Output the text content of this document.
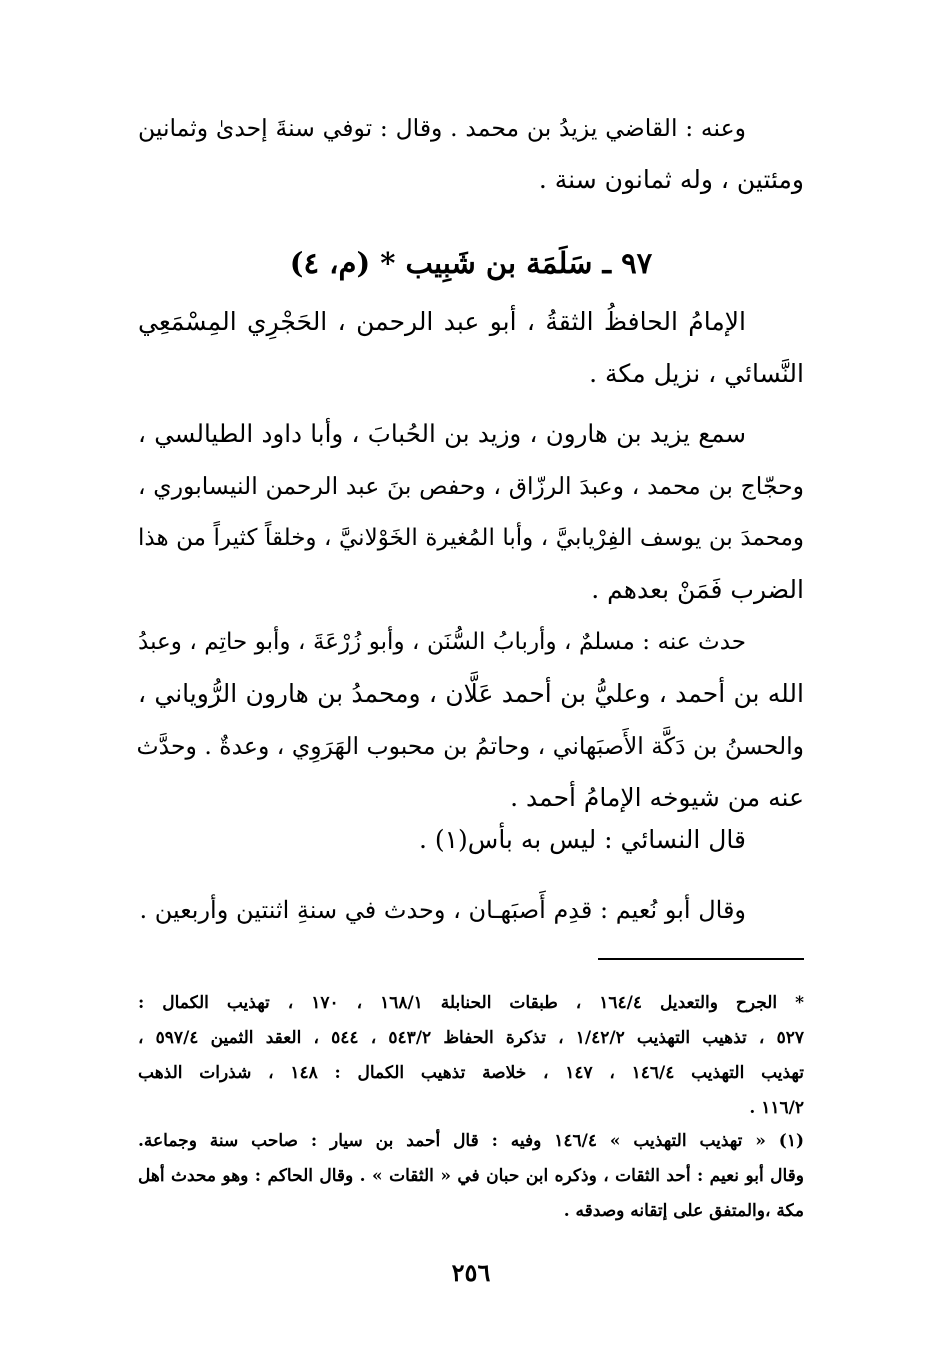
وعنه : القاضي يزيدُ بن محمد . وقال : توفي سنةَ إحدىٰ وثمانين
ومئتين ، وله ثمانون سنة .
٩٧ ـ سَلَمَة بن شَبِيب * (م، ٤)
الإمامُ الحافظُ الثقةُ ، أبو عبد الرحمن ، الحَجْرِي المِسْمَعِي
النَّسائي ، نزيل مكة .
سمع يزيد بن هارون ، وزيد بن الحُبابَ ، وأبا داود الطيالسي ،
وحجّاج بن محمد ، وعبدَ الرزّاق ، وحفص بنَ عبد الرحمن النيسابوري ،
ومحمدَ بن يوسف الفِرْيابيَّ ، وأبا المُغيرة الخَوْلانيَّ ، وخلقاً كثيراً من هذا
الضرب فَمَنْ بعدهم .
حدث عنه : مسلمٌ ، وأربابُ السُّنَن ، وأبو زُرْعَةَ ، وأبو حاتِم ، وعبدُ
الله بن أحمد ، وعليُّ بن أحمد عَلَّان ، ومحمدُ بن هارون الرُّوياني ،
والحسنُ بن دَكَّة الأَصبَهاني ، وحاتمُ بن محبوب الهَرَوِي ، وعدةٌ . وحدَّث
عنه من شيوخه الإمامُ أحمد .
قال النسائي : ليس به بأس(١) .
وقال أبو نُعيم : قدِم أَصبَهـان ، وحدث في سنةِ اثنتين وأربعين .
* الجرح والتعديل ١٦٤/٤ ، طبقات الحنابلة ١٦٨/١ ، ١٧٠ ، تهذيب الكمال :
٥٢٧ ، تذهيب التهذيب ١/٤٢/٢ ، تذكرة الحفاظ ٥٤٣/٢ ، ٥٤٤ ، العقد الثمين ٥٩٧/٤ ،
تهذيب التهذيب ١٤٦/٤ ، ١٤٧ ، خلاصة تذهيب الكمال : ١٤٨ ، شذرات الذهب
١١٦/٢ .
(١) « تهذيب التهذيب » ١٤٦/٤ وفيه : قال أحمد بن سيار : صاحب سنة وجماعة.
وقال أبو نعيم : أحد الثقات ، وذكره ابن حبان في « الثقات » . وقال الحاكم : وهو محدث أهل
مكة ،والمتفق على إتقانه وصدقه .
٢٥٦
